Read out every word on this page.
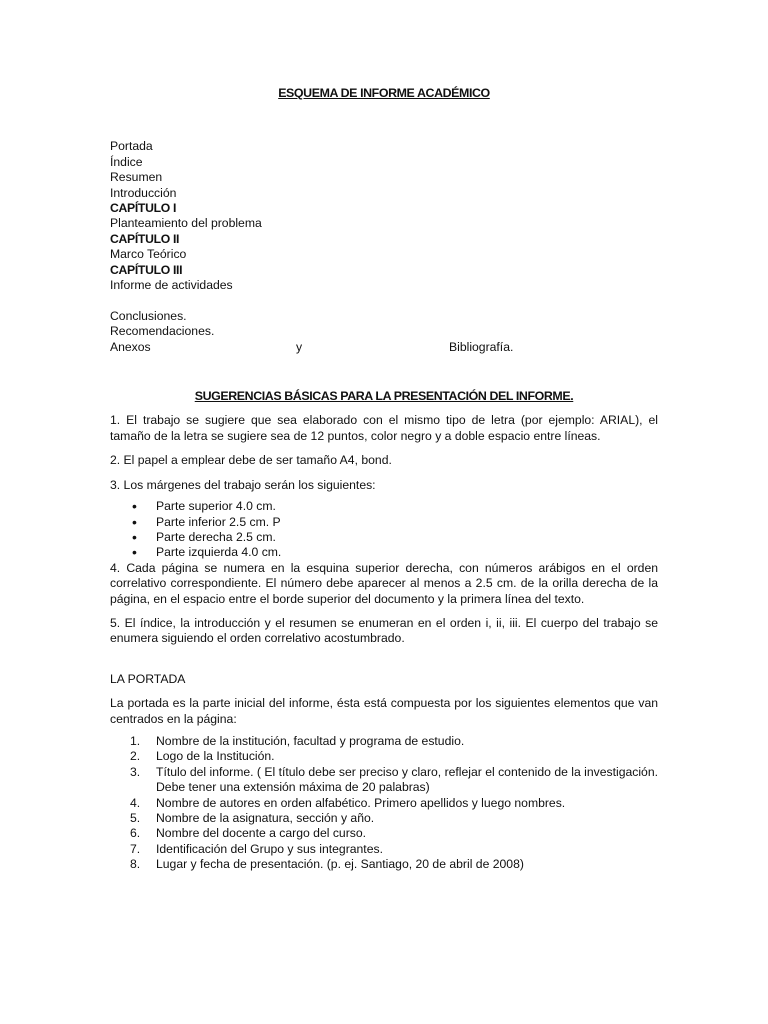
ESQUEMA DE INFORME ACADÉMICO
Portada
Índice
Resumen
Introducción
CAPÍTULO I
Planteamiento del problema
CAPÍTULO II
Marco Teórico
CAPÍTULO III
Informe de actividades
Conclusiones.
Recomendaciones.
Anexos	y	Bibliografía.
SUGERENCIAS BÁSICAS PARA LA PRESENTACIÓN DEL INFORME.

1. El trabajo se sugiere que sea elaborado con el mismo tipo de letra (por ejemplo: ARIAL), el tamaño de la letra se sugiere sea de 12 puntos, color negro y a doble espacio entre líneas.

2. El papel a emplear debe de ser tamaño A4, bond.

3. Los márgenes del trabajo serán los siguientes:

• Parte superior 4.0 cm.
• Parte inferior 2.5 cm. P
• Parte derecha 2.5 cm.
• Parte izquierda 4.0 cm.

4. Cada página se numera en la esquina superior derecha, con números arábigos en el orden correlativo correspondiente. El número debe aparecer al menos a 2.5 cm. de la orilla derecha de la página, en el espacio entre el borde superior del documento y la primera línea del texto.

5. El índice, la introducción y el resumen se enumeran en el orden i, ii, iii. El cuerpo del trabajo se enumera siguiendo el orden correlativo acostumbrado.

LA PORTADA

La portada es la parte inicial del informe, ésta está compuesta por los siguientes elementos que van centrados en la página:

1. Nombre de la institución, facultad y programa de estudio.
2. Logo de la Institución.
3. Título del informe. ( El título debe ser preciso y claro, reflejar el contenido de la investigación. Debe tener una extensión máxima de 20 palabras)
4. Nombre de autores en orden alfabético. Primero apellidos y luego nombres.
5. Nombre de la asignatura, sección y año.
6. Nombre del docente a cargo del curso.
7. Identificación del Grupo y sus integrantes.
8. Lugar y fecha de presentación. (p. ej. Santiago, 20 de abril de 2008)
